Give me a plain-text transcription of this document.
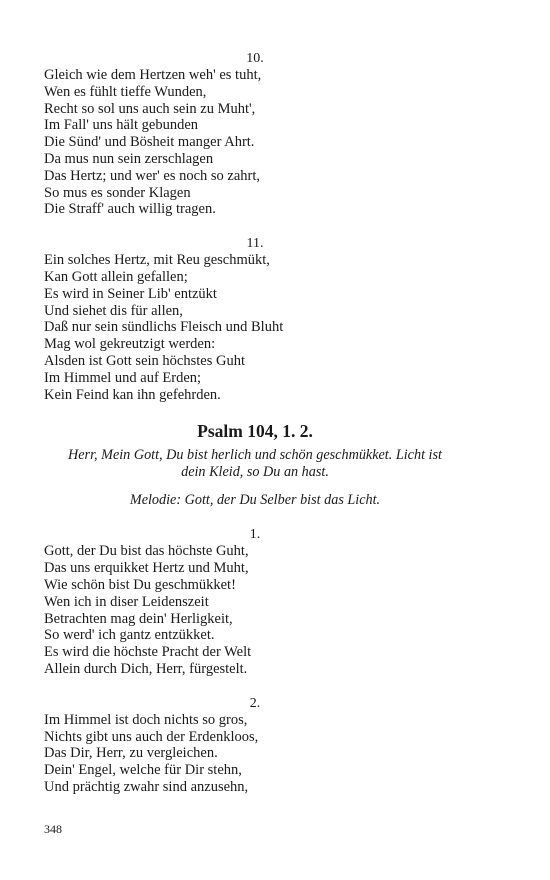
10.
Gleich wie dem Hertzen weh' es tuht,
Wen es fühlt tieffe Wunden,
Recht so sol uns auch sein zu Muht',
Im Fall' uns hält gebunden
Die Sünd' und Bösheit manger Ahrt.
Da mus nun sein zerschlagen
Das Hertz; und wer' es noch so zahrt,
So mus es sonder Klagen
Die Straff' auch willig tragen.
11.
Ein solches Hertz, mit Reu geschmükt,
Kan Gott allein gefallen;
Es wird in Seiner Lib' entzükt
Und siehet dis für allen,
Daß nur sein sündlichs Fleisch und Bluht
Mag wol gekreutzigt werden:
Alsden ist Gott sein höchstes Guht
Im Himmel und auf Erden;
Kein Feind kan ihn gefehrden.
Psalm 104, 1. 2.
Herr, Mein Gott, Du bist herlich und schön geschmükket. Licht ist
dein Kleid, so Du an hast.
Melodie: Gott, der Du Selber bist das Licht.
1.
Gott, der Du bist das höchste Guht,
Das uns erquikket Hertz und Muht,
Wie schön bist Du geschmükket!
Wen ich in diser Leidenszeit
Betrachten mag dein' Herligkeit,
So werd' ich gantz entzükket.
Es wird die höchste Pracht der Welt
Allein durch Dich, Herr, fürgestelt.
2.
Im Himmel ist doch nichts so gros,
Nichts gibt uns auch der Erdenkloos,
Das Dir, Herr, zu vergleichen.
Dein' Engel, welche für Dir stehn,
Und prächtig zwahr sind anzusehn,
348
